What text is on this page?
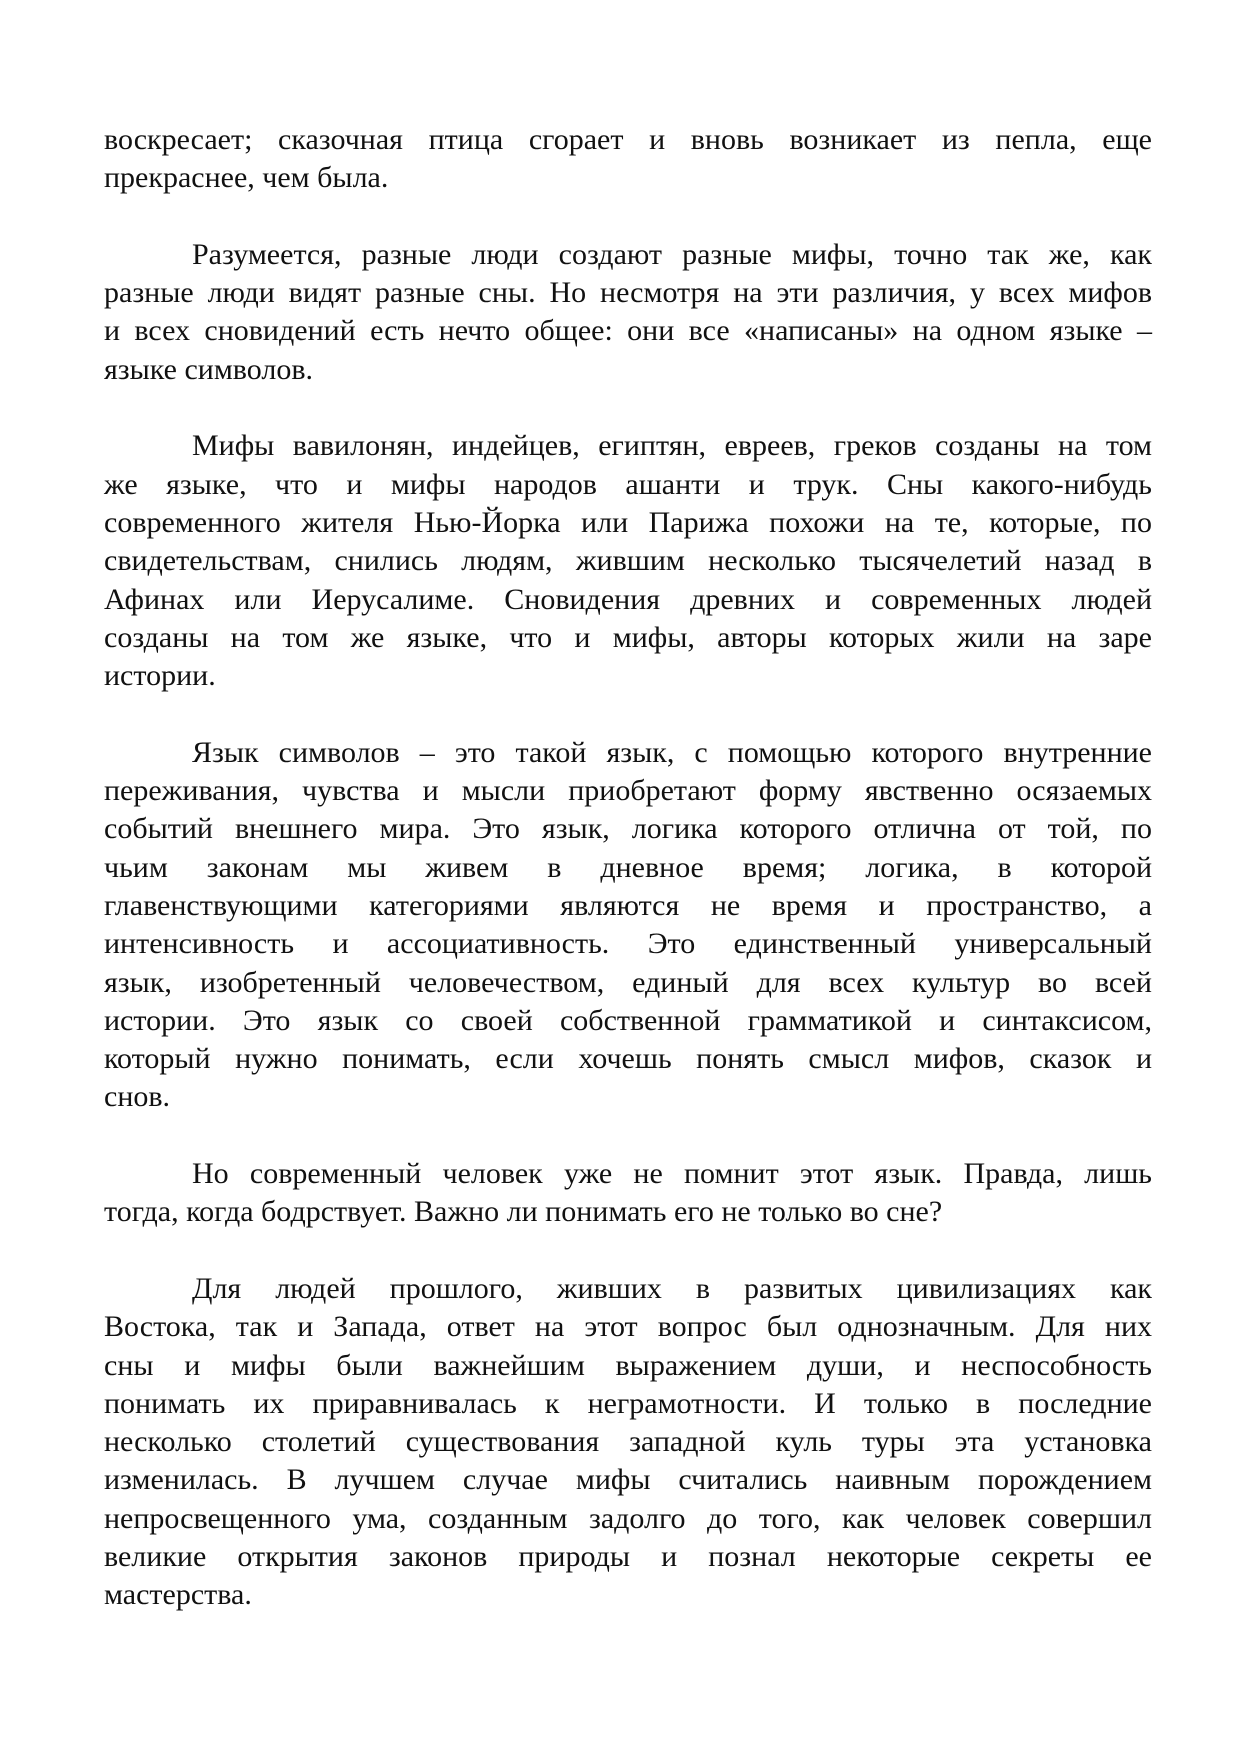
воскресает; сказочная птица сгорает и вновь возникает из пепла, еще
прекраснее, чем была.
Разумеется, разные люди создают разные мифы, точно так же, как
разные люди видят разные сны. Но несмотря на эти различия, у всех мифов
и всех сновидений есть нечто общее: они все «написаны» на одном языке –
языке символов.
Мифы вавилонян, индейцев, египтян, евреев, греков созданы на том
же языке, что и мифы народов ашанти и трук. Сны какого-нибудь
современного жителя Нью-Йорка или Парижа похожи на те, которые, по
свидетельствам, снились людям, жившим несколько тысячелетий назад в
Афинах или Иерусалиме. Сновидения древних и современных людей
созданы на том же языке, что и мифы, авторы которых жили на заре
истории.
Язык символов – это такой язык, с помощью которого внутренние
переживания, чувства и мысли приобретают форму явственно осязаемых
событий внешнего мира. Это язык, логика которого отлична от той, по
чьим законам мы живем в дневное время; логика, в которой
главенствующими категориями являются не время и пространство, а
интенсивность и ассоциативность. Это единственный универсальный
язык, изобретенный человечеством, единый для всех культур во всей
истории. Это язык со своей собственной грамматикой и синтаксисом,
который нужно понимать, если хочешь понять смысл мифов, сказок и
снов.
Но современный человек уже не помнит этот язык. Правда, лишь
тогда, когда бодрствует. Важно ли понимать его не только во сне?
Для людей прошлого, живших в развитых цивилизациях как
Востока, так и Запада, ответ на этот вопрос был однозначным. Для них
сны и мифы были важнейшим выражением души, и неспособность
понимать их приравнивалась к неграмотности. И только в последние
несколько столетий существования западной куль туры эта установка
изменилась. В лучшем случае мифы считались наивным порождением
непросвещенного ума, созданным задолго до того, как человек совершил
великие открытия законов природы и познал некоторые секреты ее
мастерства.
